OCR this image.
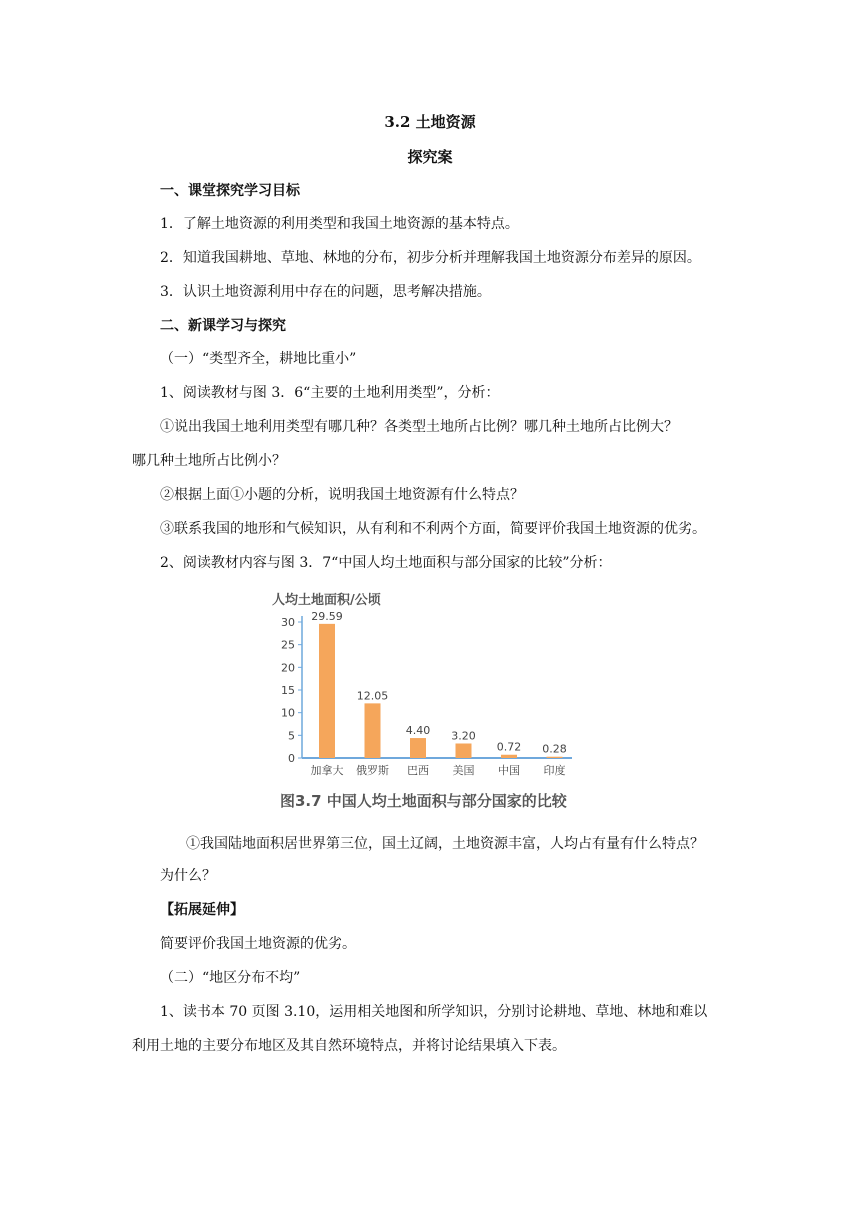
3.2 土地资源
探究案
一、课堂探究学习目标
1．了解土地资源的利用类型和我国土地资源的基本特点。
2．知道我国耕地、草地、林地的分布，初步分析并理解我国土地资源分布差异的原因。
3．认识土地资源利用中存在的问题，思考解决措施。
二、新课学习与探究
（一）“类型齐全，耕地比重小”
1、阅读教材与图 3．6“主要的土地利用类型”，分析：
①说出我国土地利用类型有哪几种？各类型土地所占比例？哪几种土地所占比例大？
哪几种土地所占比例小？
②根据上面①小题的分析，说明我国土地资源有什么特点？
③联系我国的地形和气候知识，从有利和不利两个方面，简要评价我国土地资源的优劣。
2、阅读教材内容与图 3．7“中国人均土地面积与部分国家的比较”分析：
人均土地面积/公顷
0
5
10
15
20
25
30 29.59
加拿大
12.05
俄罗斯
4.40
巴西
3.20
美国
0.72
中国
0.28
印度
图3.7 中国人均土地面积与部分国家的比较
①我国陆地面积居世界第三位，国土辽阔，土地资源丰富，人均占有量有什么特点？
为什么？
【拓展延伸】
简要评价我国土地资源的优劣。
（二）“地区分布不均”
1、读书本 70 页图 3.10，运用相关地图和所学知识，分别讨论耕地、草地、林地和难以
利用土地的主要分布地区及其自然环境特点，并将讨论结果填入下表。
